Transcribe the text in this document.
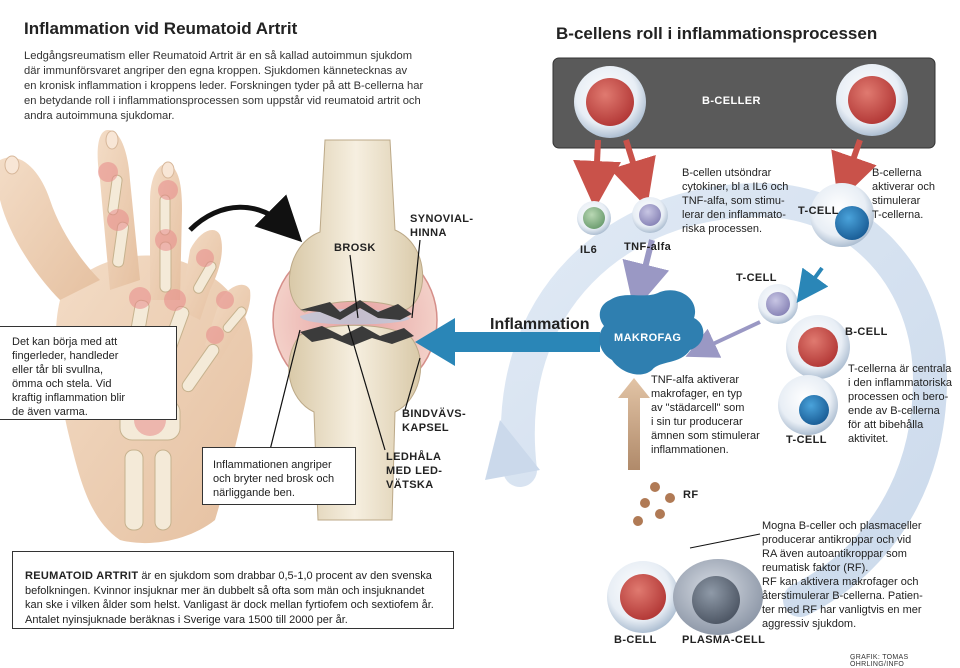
Inflammation vid Reumatoid Artrit
Ledgångsreumatism eller Reumatoid Artrit är en så kallad autoimmun sjukdom
där immunförsvaret angriper den egna kroppen. Sjukdomen kännetecknas av
en kronisk inflammation i kroppens leder. Forskningen tyder på att B-cellerna har
en betydande roll i inflammationsprocessen som uppstår vid reumatoid artrit och
andra autoimmuna sjukdomar.
B-cellens roll i inflammationsprocessen
B-CELLER
BROSK
SYNOVIAL-
HINNA
BINDVÄVS-
KAPSEL
LEDHÅLA
MED LED-
VÄTSKA
Det kan börja med att
fingerleder, handleder
eller tår bli svullna,
ömma och stela. Vid
kraftig inflammation blir
de även varma.
Inflammationen angriper
och bryter ned brosk och
närliggande ben.
REUMATOID ARTRIT är en sjukdom som drabbar 0,5-1,0 procent av den svenska
befolkningen. Kvinnor insjuknar mer än dubbelt så ofta som män och insjuknandet
kan ske i vilken ålder som helst. Vanligast är dock mellan fyrtiofem och sextiofem år.
Antalet nyinsjuknade beräknas i Sverige vara 1500 till 2000 per år.
Inflammation
IL6 TNF-alfa
T-CELL
T-CELL
MAKROFAG	B-CELL
T-CELL
RF
B-CELL PLASMA-CELL
B-cellen utsöndrar
cytokiner, bl a IL6 och
TNF-alfa, som stimu-
lerar den inflammato-
riska processen.
B-cellerna
aktiverar och
stimulerar
T-cellerna.
TNF-alfa aktiverar
makrofager, en typ
av "städarcell" som
i sin tur producerar
ämnen som stimulerar
inflammationen.
T-cellerna är centrala
i den inflammatoriska
processen och bero-
ende av B-cellerna
för att bibehålla
aktivitet.
Mogna B-celler och plasmaceller
producerar antikroppar och vid
RA även autoantikroppar som
reumatisk faktor (RF).
RF kan aktivera makrofager och
återstimulerar B-cellerna. Patien-
ter med RF har vanligtvis en mer
aggressiv sjukdom.
GRAFIK: TOMAS ÖHRLING/INFO
